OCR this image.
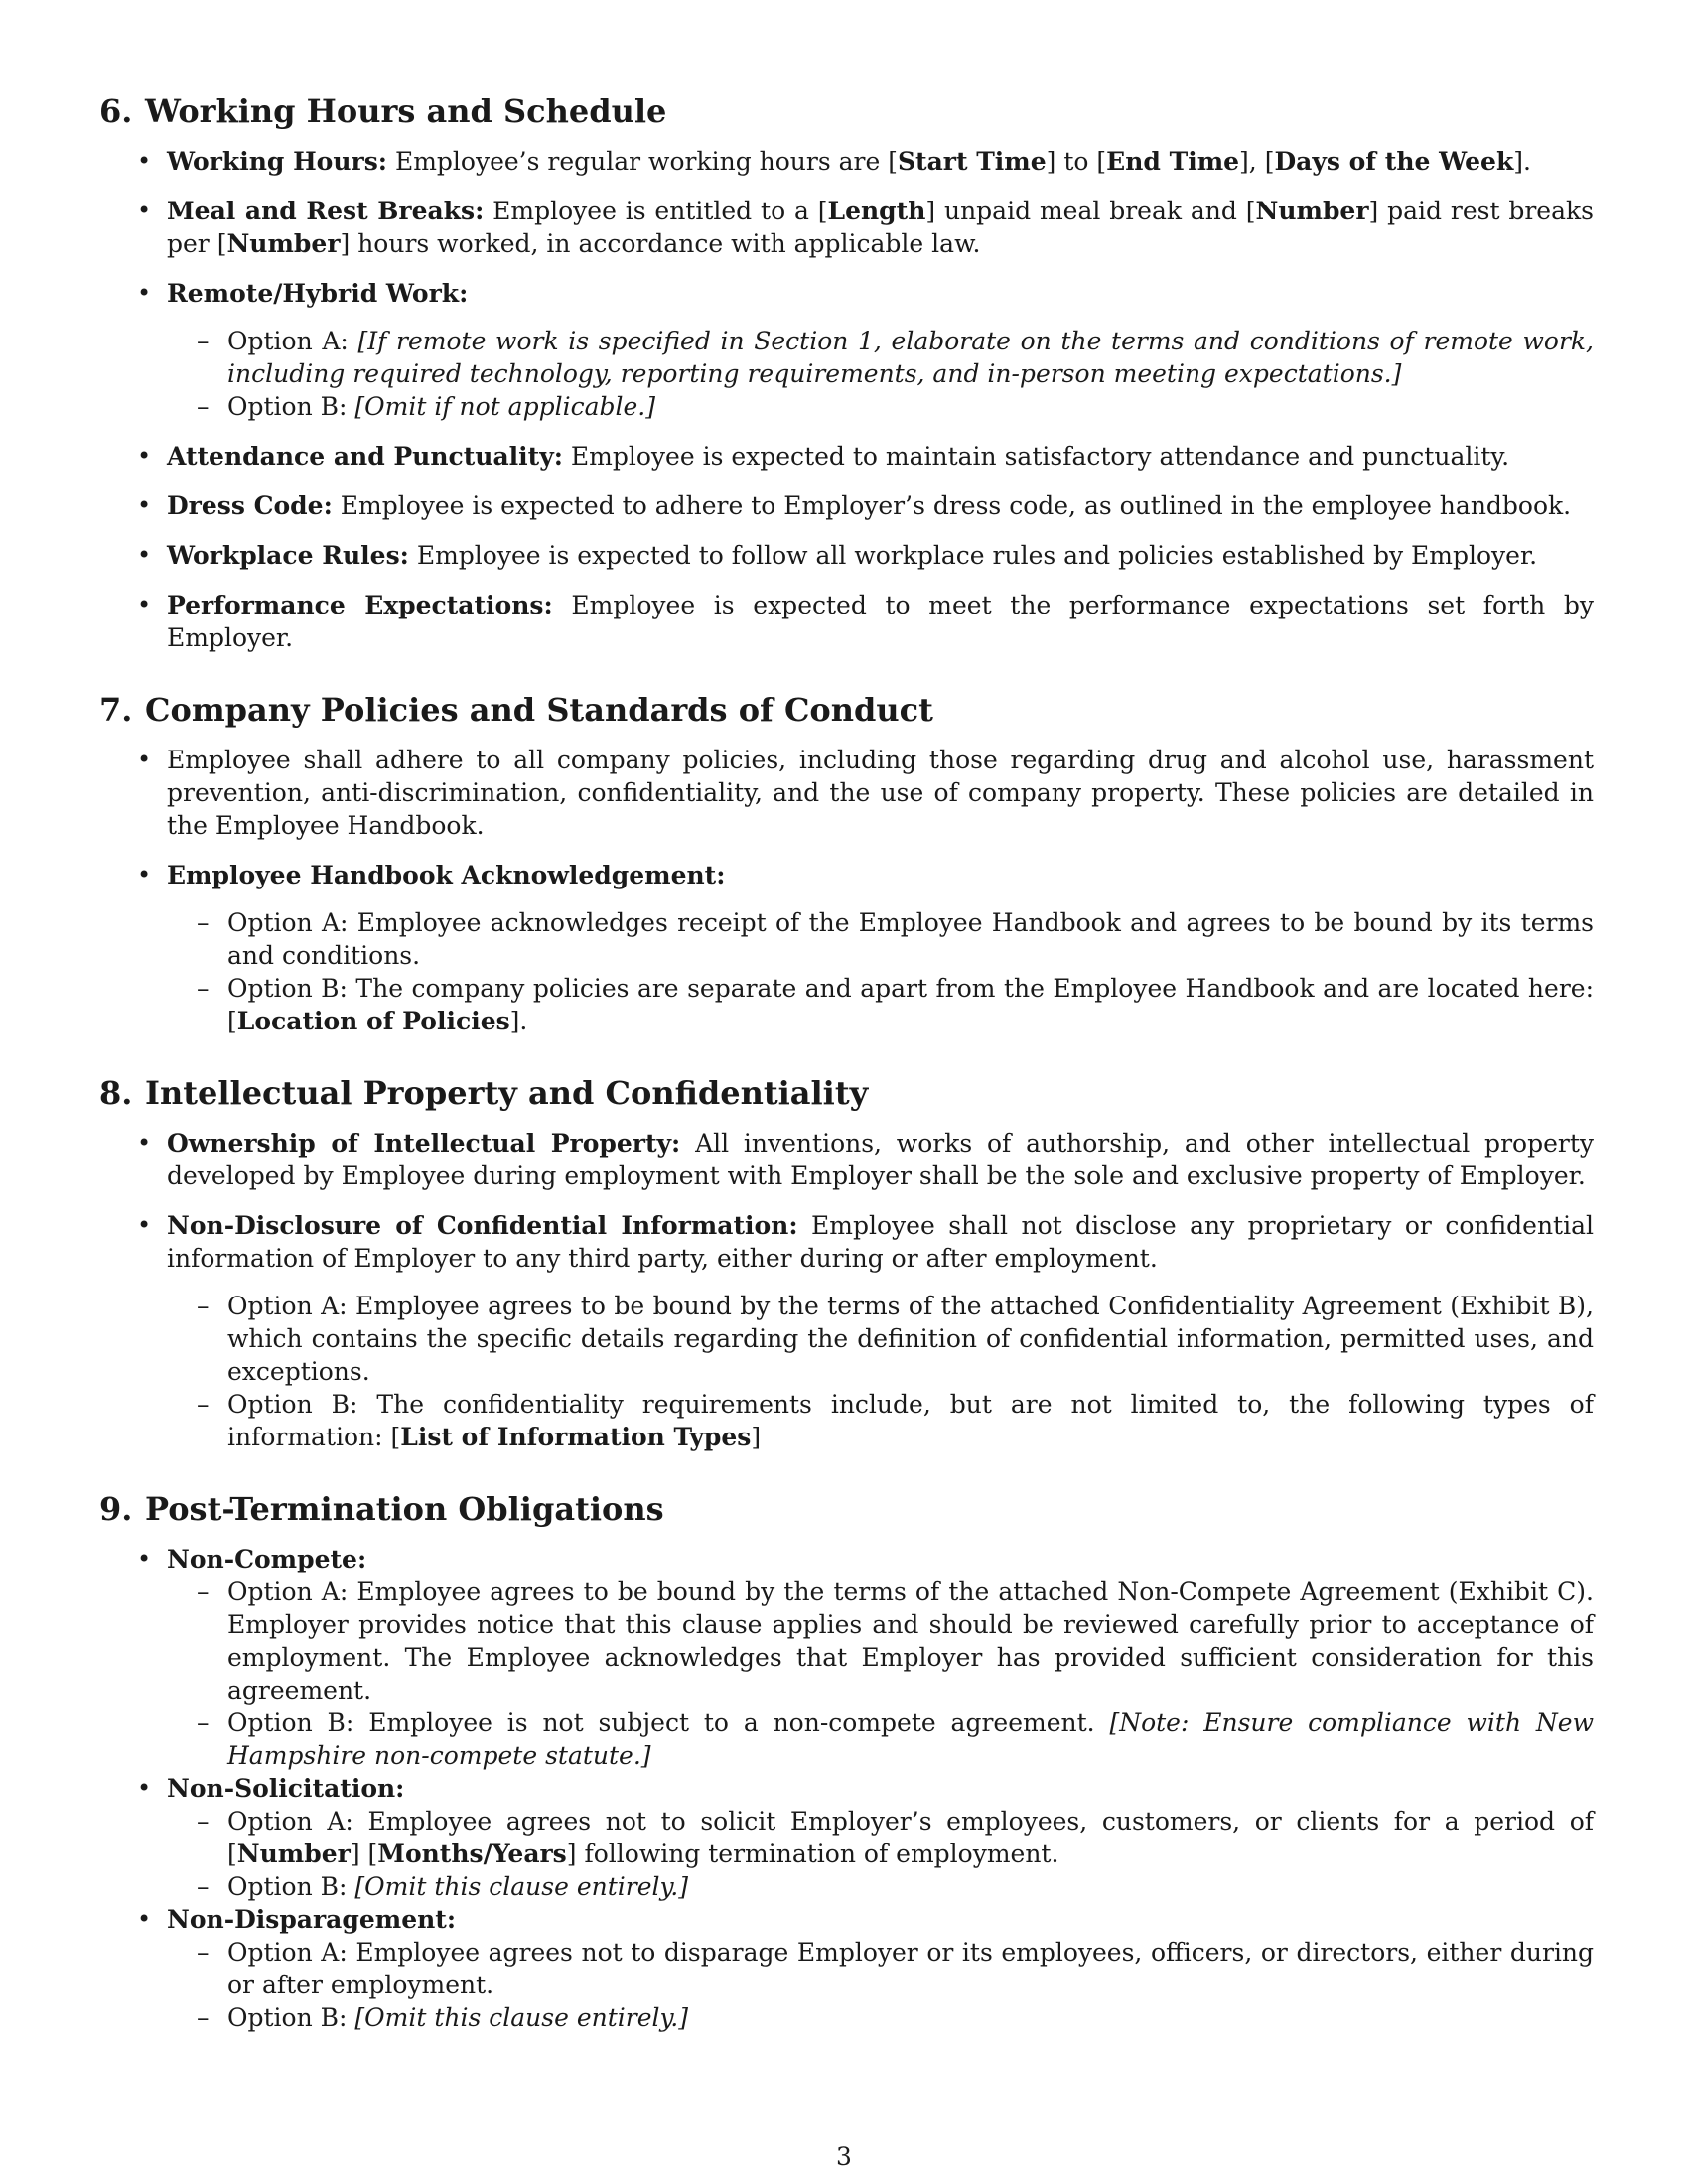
6. Working Hours and Schedule
• Working Hours: Employee’s regular working hours are [Start Time] to [End Time], [Days of the Week].
• Meal and Rest Breaks: Employee is entitled to a [Length] unpaid meal break and [Number] paid rest breaks per [Number] hours worked, in accordance with applicable law.
• Remote/Hybrid Work:
– Option A: [If remote work is specified in Section 1, elaborate on the terms and conditions of remote work, including required technology, reporting requirements, and in-person meeting expectations.]
– Option B: [Omit if not applicable.]
• Attendance and Punctuality: Employee is expected to maintain satisfactory attendance and punctuality.
• Dress Code: Employee is expected to adhere to Employer’s dress code, as outlined in the employee handbook.
• Workplace Rules: Employee is expected to follow all workplace rules and policies established by Employer.
• Performance Expectations: Employee is expected to meet the performance expectations set forth by Employer.
7. Company Policies and Standards of Conduct
• Employee shall adhere to all company policies, including those regarding drug and alcohol use, harassment prevention, anti-discrimination, confidentiality, and the use of company property. These policies are detailed in the Employee Handbook.
• Employee Handbook Acknowledgement:
– Option A: Employee acknowledges receipt of the Employee Handbook and agrees to be bound by its terms and conditions.
– Option B: The company policies are separate and apart from the Employee Handbook and are located here: [Location of Policies].
8. Intellectual Property and Confidentiality
• Ownership of Intellectual Property: All inventions, works of authorship, and other intellectual property developed by Employee during employment with Employer shall be the sole and exclusive property of Employer.
• Non-Disclosure of Confidential Information: Employee shall not disclose any proprietary or confidential information of Employer to any third party, either during or after employment.
– Option A: Employee agrees to be bound by the terms of the attached Confidentiality Agreement (Exhibit B), which contains the specific details regarding the definition of confidential information, permitted uses, and exceptions.
– Option B: The confidentiality requirements include, but are not limited to, the following types of information: [List of Information Types]
9. Post-Termination Obligations
• Non-Compete:
– Option A: Employee agrees to be bound by the terms of the attached Non-Compete Agreement (Exhibit C). Employer provides notice that this clause applies and should be reviewed carefully prior to acceptance of employment. The Employee acknowledges that Employer has provided sufficient consideration for this agreement.
– Option B: Employee is not subject to a non-compete agreement. [Note: Ensure compliance with New Hampshire non-compete statute.]
• Non-Solicitation:
– Option A: Employee agrees not to solicit Employer’s employees, customers, or clients for a period of [Number] [Months/Years] following termination of employment.
– Option B: [Omit this clause entirely.]
• Non-Disparagement:
– Option A: Employee agrees not to disparage Employer or its employees, officers, or directors, either during or after employment.
– Option B: [Omit this clause entirely.]
3
